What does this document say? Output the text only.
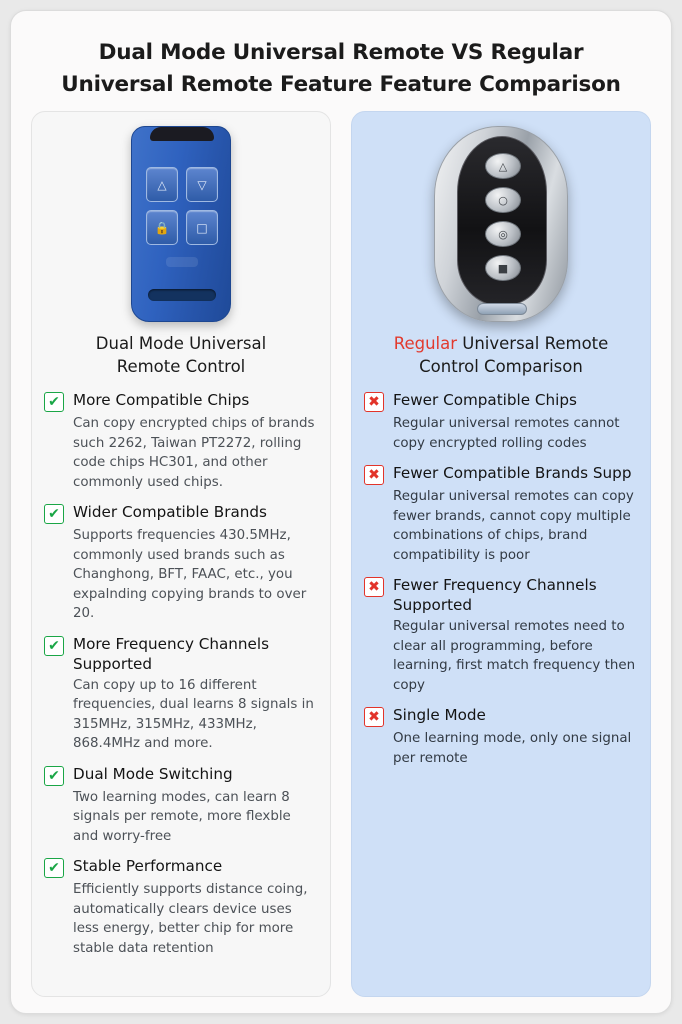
Dual Mode Universal Remote VS Regular Universal Remote Feature Feature Comparison
△	▽
🔒	□
Dual Mode Universal
Remote Control
✔ More Compatible Chips
Can copy encrypted chips of brands such 2262, Taiwan PT2272, rolling code chips HC301, and other commonly used chips.
✔ Wider Compatible Brands
Supports frequencies 430.5MHz, commonly used brands such as Changhong, BFT, FAAC, etc., you expalnding copying brands to over 20.
✔ More Frequency Channels Supported
Can copy up to 16 different frequencies, dual learns 8 signals in 315MHz, 315MHz, 433MHz, 868.4MHz and more.
✔ Dual Mode Switching
Two learning modes, can learn 8 signals per remote, more flexble and worry-free
✔ Stable Performance
Efficiently supports distance coing, automatically clears device uses less energy, better chip for more stable data retention
△
○
◎
■
Regular Universal Remote
Control Comparison
✖ Fewer Compatible Chips
Regular universal remotes cannot copy encrypted rolling codes
✖ Fewer Compatible Brands Supp
Regular universal remotes can copy fewer brands, cannot copy multiple combinations of chips, brand compatibility is poor
✖ Fewer Frequency Channels Supported
Regular universal remotes need to clear all programming, before learning, first match frequency then copy
✖ Single Mode
One learning mode, only one signal per remote
